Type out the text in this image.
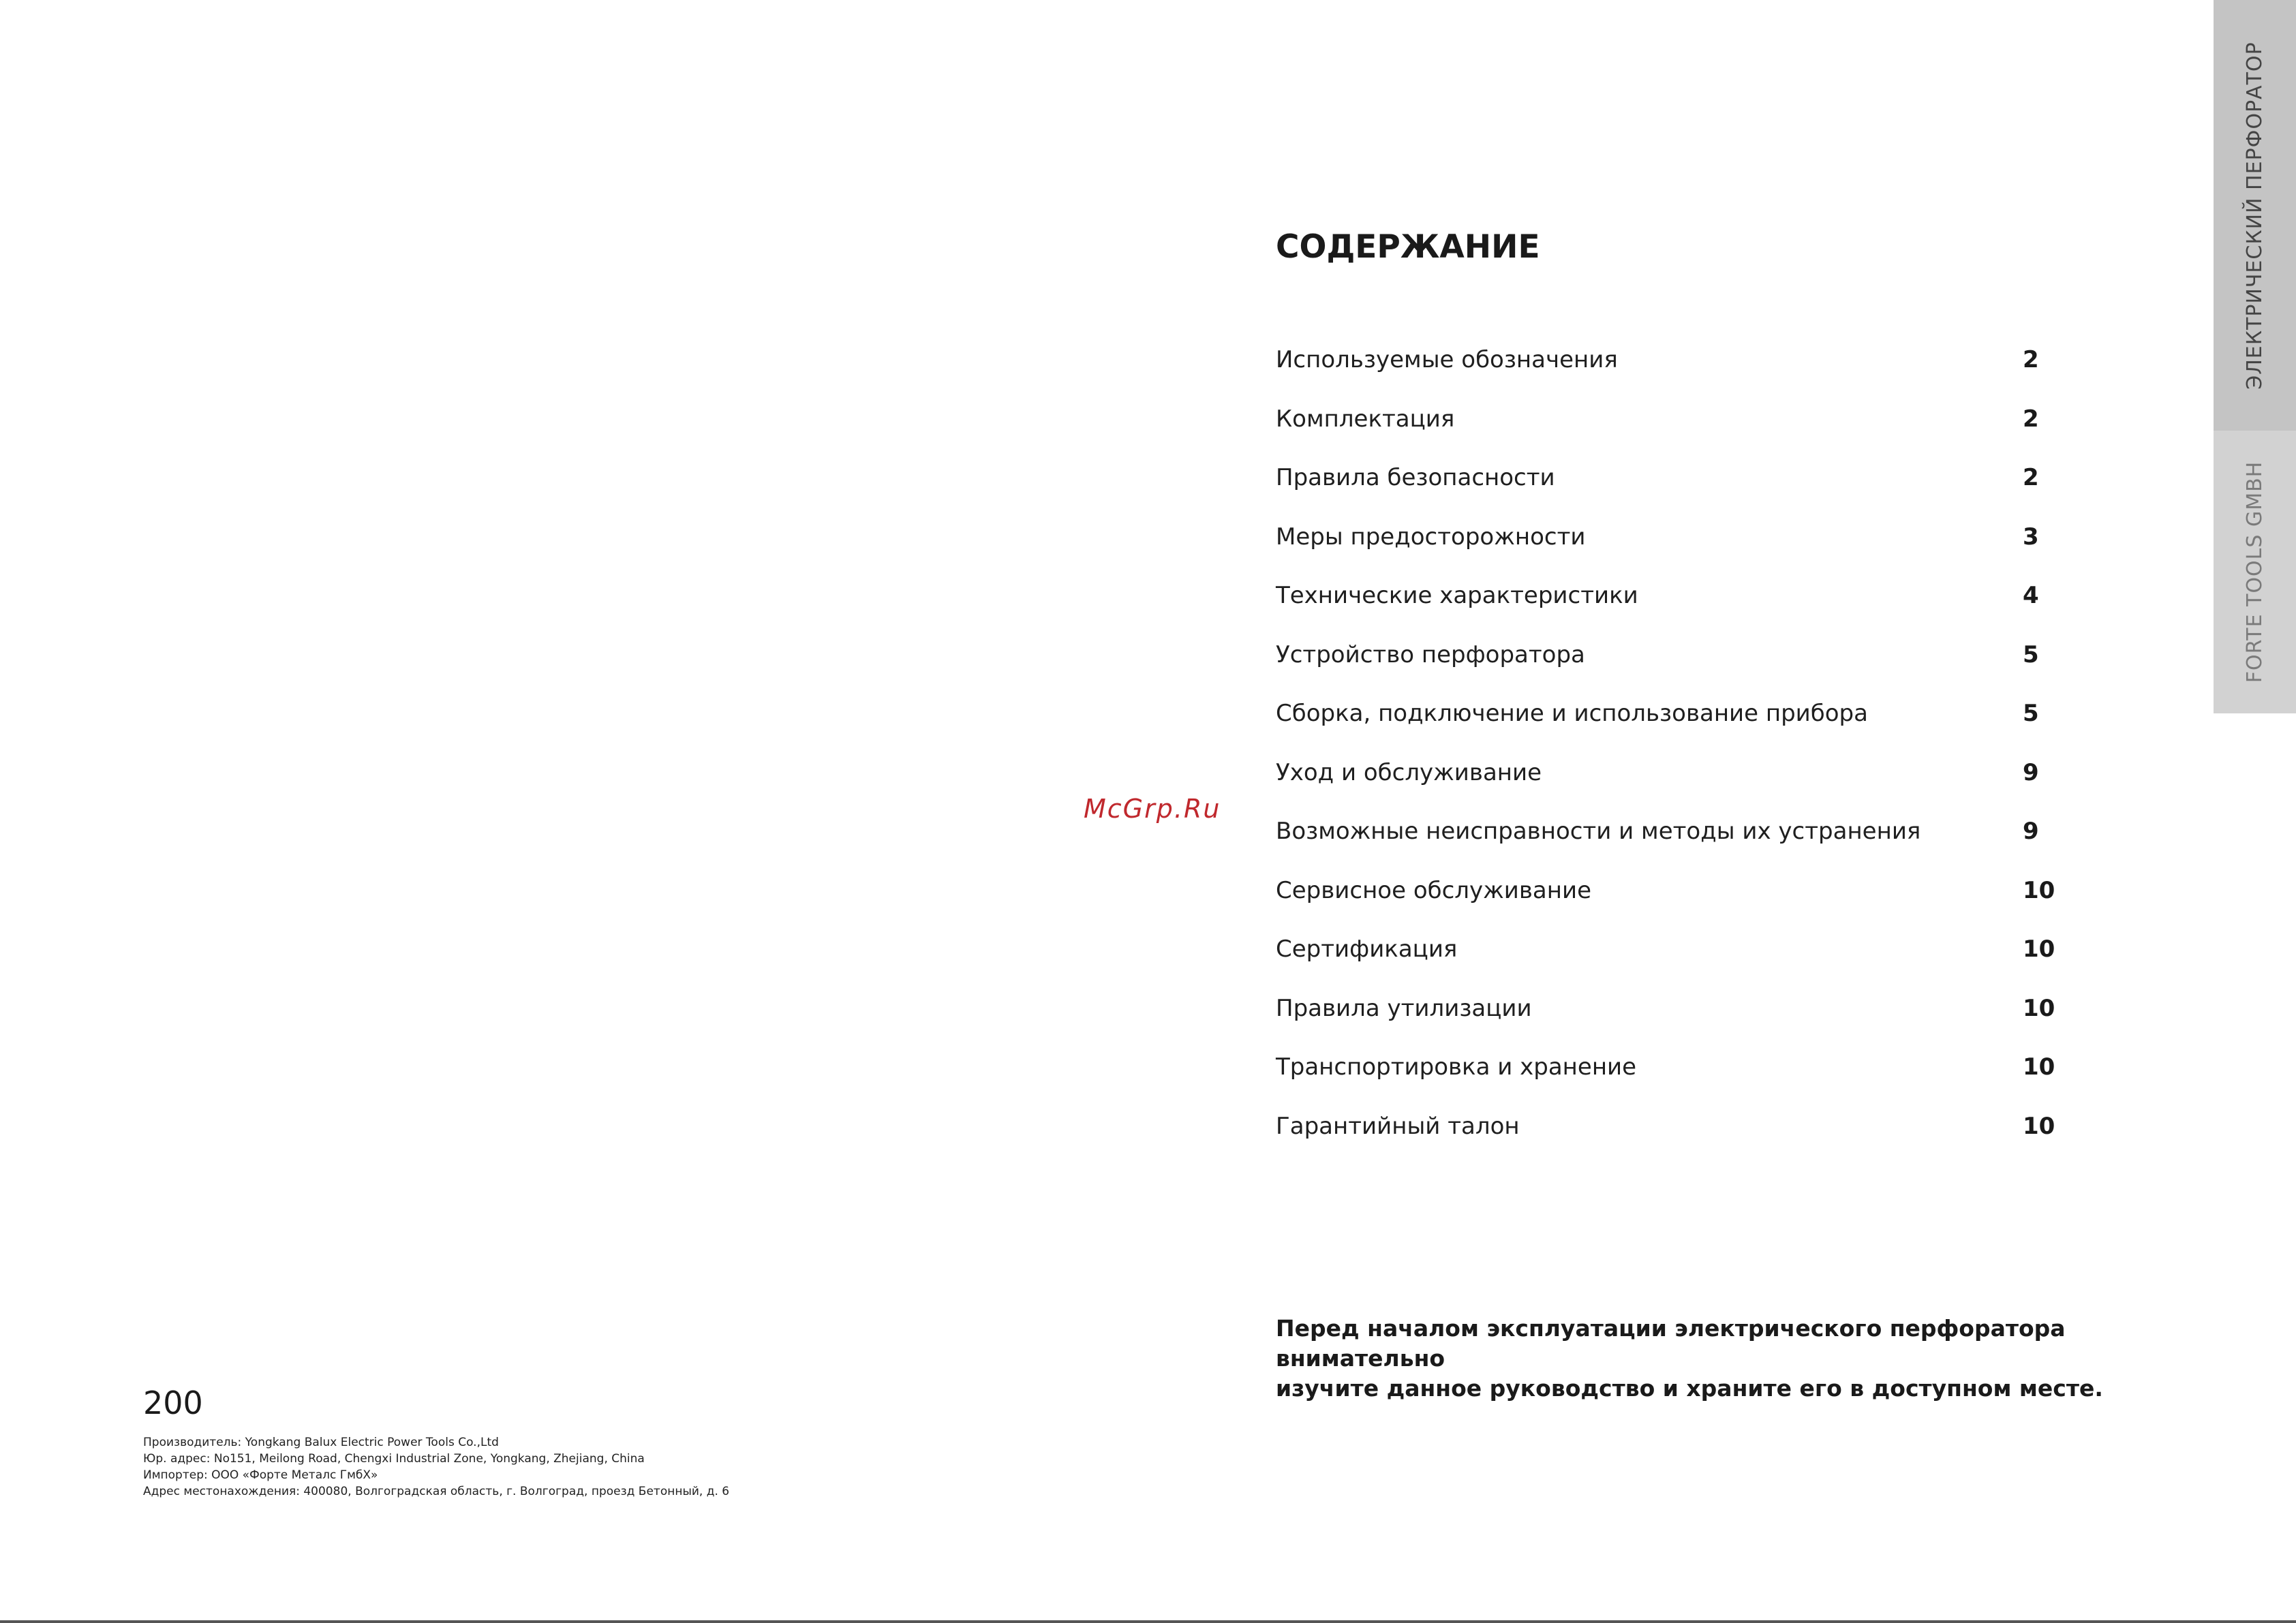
ЭЛЕКТРИЧЕСКИЙ ПЕРФОРАТОР
FORTE TOOLS GMBH
СОДЕРЖАНИЕ
Используемые обозначения	2
Комплектация	2
Правила безопасности	2
Меры предосторожности	3
Технические характеристики	4
Устройство перфоратора	5
Сборка, подключение и использование прибора	5
Уход и обслуживание	9
Возможные неисправности и методы их устранения	9
Сервисное обслуживание	10
Сертификация	10
Правила утилизации	10
Транспортировка и хранение	10
Гарантийный талон	10
McGrp.Ru

Перед началом эксплуатации электрического перфоратора внимательно
изучите данное руководство и храните его в доступном месте.

200
Производитель: Yongkang Balux Electric Power Tools Co.,Ltd
Юр. адрес: No151, Meilong Road, Chengxi Industrial Zone, Yongkang, Zhejiang, China
Импортер: ООО «Форте Металс ГмбХ»
Адрес местонахождения: 400080, Волгоградская область, г. Волгоград, проезд Бетонный, д. 6
